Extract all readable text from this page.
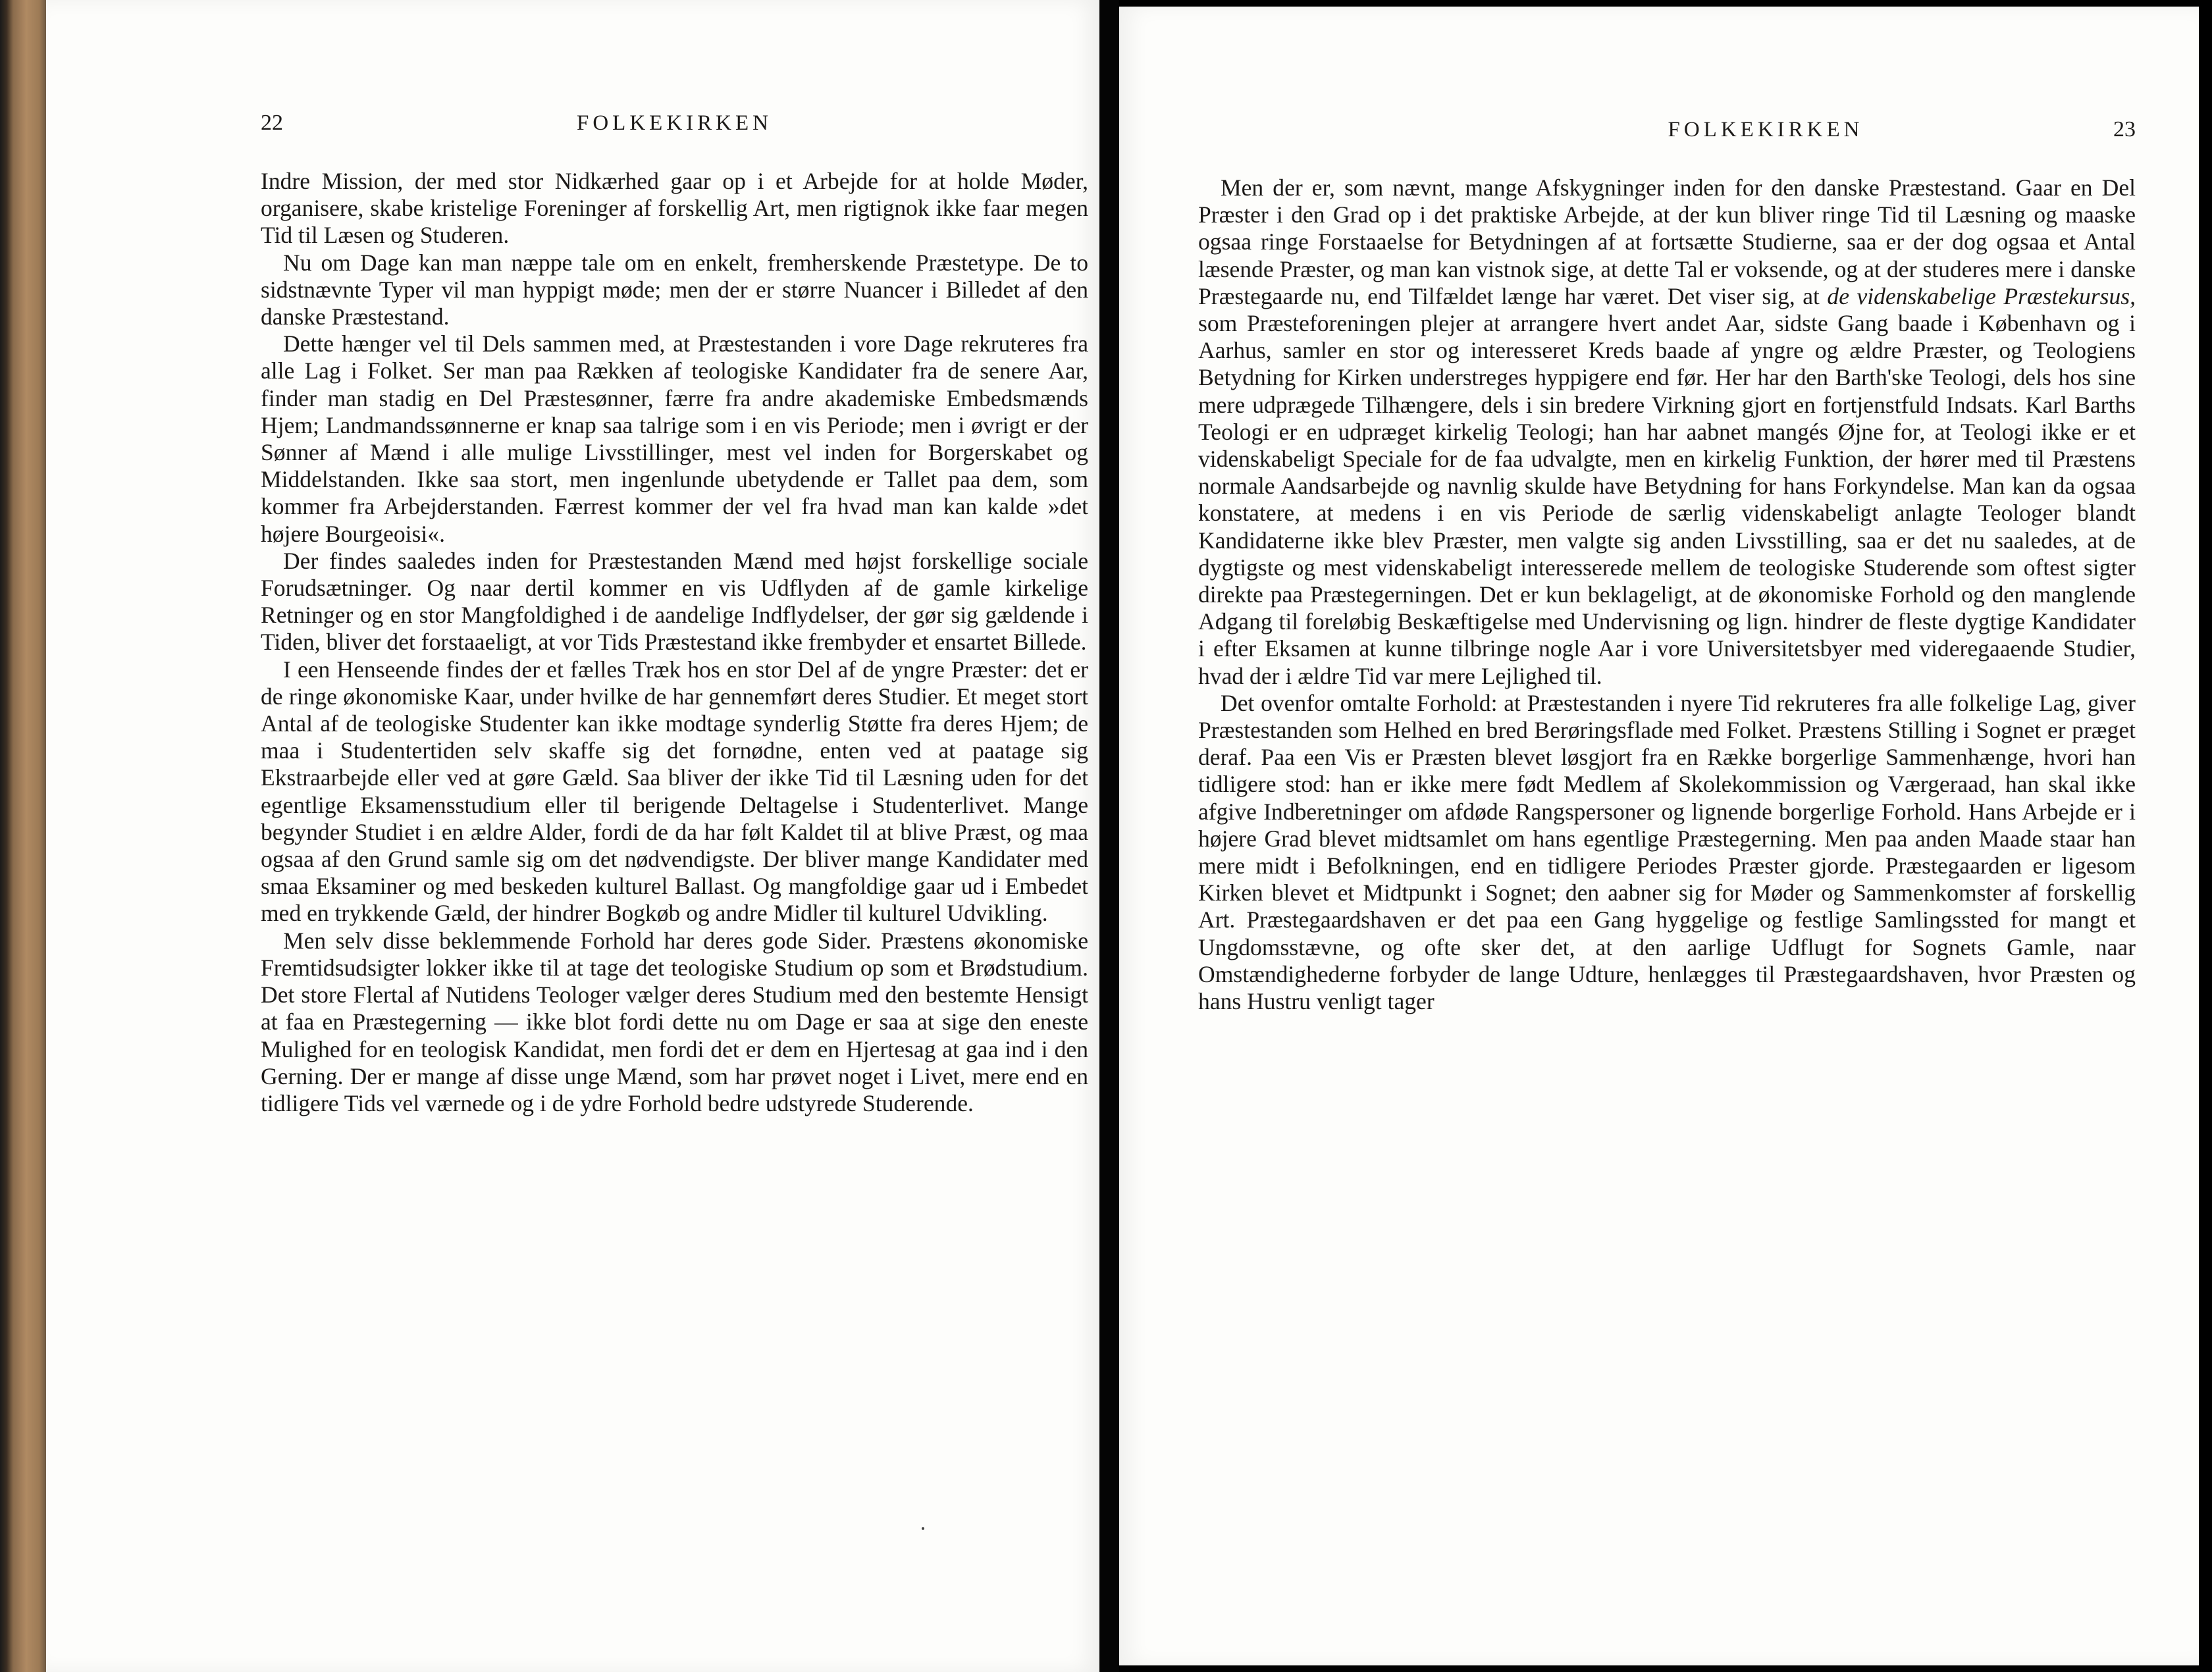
22	FOLKEKIRKEN

Indre Mission, der med stor Nidkærhed gaar op i et Arbejde for at holde Møder, organisere, skabe kristelige Foreninger af forskellig Art, men rigtignok ikke faar megen Tid til Læsen og Studeren.

Nu om Dage kan man næppe tale om en enkelt, fremherskende Præstetype. De to sidstnævnte Typer vil man hyppigt møde; men der er større Nuancer i Billedet af den danske Præstestand.

Dette hænger vel til Dels sammen med, at Præstestanden i vore Dage rekruteres fra alle Lag i Folket. Ser man paa Rækken af teologiske Kandidater fra de senere Aar, finder man stadig en Del Præstesønner, færre fra andre akademiske Embedsmænds Hjem; Landmandssønnerne er knap saa talrige som i en vis Periode; men i øvrigt er der Sønner af Mænd i alle mulige Livsstillinger, mest vel inden for Borgerskabet og Middelstanden. Ikke saa stort, men ingenlunde ubetydende er Tallet paa dem, som kommer fra Arbejderstanden. Færrest kommer der vel fra hvad man kan kalde »det højere Bourgeoisi«.

Der findes saaledes inden for Præstestanden Mænd med højst forskellige sociale Forudsætninger. Og naar dertil kommer en vis Udflyden af de gamle kirkelige Retninger og en stor Mangfoldighed i de aandelige Indflydelser, der gør sig gældende i Tiden, bliver det forstaaeligt, at vor Tids Præstestand ikke frembyder et ensartet Billede.

I een Henseende findes der et fælles Træk hos en stor Del af de yngre Præster: det er de ringe økonomiske Kaar, under hvilke de har gennemført deres Studier. Et meget stort Antal af de teologiske Studenter kan ikke modtage synderlig Støtte fra deres Hjem; de maa i Studentertiden selv skaffe sig det fornødne, enten ved at paatage sig Ekstraarbejde eller ved at gøre Gæld. Saa bliver der ikke Tid til Læsning uden for det egentlige Eksamensstudium eller til berigende Deltagelse i Studenterlivet. Mange begynder Studiet i en ældre Alder, fordi de da har følt Kaldet til at blive Præst, og maa ogsaa af den Grund samle sig om det nødvendigste. Der bliver mange Kandidater med smaa Eksaminer og med beskeden kulturel Ballast. Og mangfoldige gaar ud i Embedet med en trykkende Gæld, der hindrer Bogkøb og andre Midler til kulturel Udvikling.

Men selv disse beklemmende Forhold har deres gode Sider. Præstens økonomiske Fremtidsudsigter lokker ikke til at tage det teologiske Studium op som et Brødstudium. Det store Flertal af Nutidens Teologer vælger deres Studium med den bestemte Hensigt at faa en Præstegerning — ikke blot fordi dette nu om Dage er saa at sige den eneste Mulighed for en teologisk Kandidat, men fordi det er dem en Hjertesag at gaa ind i den Gerning. Der er mange af disse unge Mænd, som har prøvet noget i Livet, mere end en tidligere Tids vel værnede og i de ydre Forhold bedre udstyrede Studerende.

FOLKEKIRKEN	23

Men der er, som nævnt, mange Afskygninger inden for den danske Præstestand. Gaar en Del Præster i den Grad op i det praktiske Arbejde, at der kun bliver ringe Tid til Læsning og maaske ogsaa ringe Forstaaelse for Betydningen af at fortsætte Studierne, saa er der dog ogsaa et Antal læsende Præster, og man kan vistnok sige, at dette Tal er voksende, og at der studeres mere i danske Præstegaarde nu, end Tilfældet længe har været. Det viser sig, at de videnskabelige Præstekursus, som Præsteforeningen plejer at arrangere hvert andet Aar, sidste Gang baade i København og i Aarhus, samler en stor og interesseret Kreds baade af yngre og ældre Præster, og Teologiens Betydning for Kirken understreges hyppigere end før. Her har den Barth'ske Teologi, dels hos sine mere udprægede Tilhængere, dels i sin bredere Virkning gjort en fortjenstfuld Indsats. Karl Barths Teologi er en udpræget kirkelig Teologi; han har aabnet mangés Øjne for, at Teologi ikke er et videnskabeligt Speciale for de faa udvalgte, men en kirkelig Funktion, der hører med til Præstens normale Aandsarbejde og navnlig skulde have Betydning for hans Forkyndelse. Man kan da ogsaa konstatere, at medens i en vis Periode de særlig videnskabeligt anlagte Teologer blandt Kandidaterne ikke blev Præster, men valgte sig anden Livsstilling, saa er det nu saaledes, at de dygtigste og mest videnskabeligt interesserede mellem de teologiske Studerende som oftest sigter direkte paa Præstegerningen. Det er kun beklageligt, at de økonomiske Forhold og den manglende Adgang til foreløbig Beskæftigelse med Undervisning og lign. hindrer de fleste dygtige Kandidater i efter Eksamen at kunne tilbringe nogle Aar i vore Universitetsbyer med videregaaende Studier, hvad der i ældre Tid var mere Lejlighed til.

Det ovenfor omtalte Forhold: at Præstestanden i nyere Tid rekruteres fra alle folkelige Lag, giver Præstestanden som Helhed en bred Berøringsflade med Folket. Præstens Stilling i Sognet er præget deraf. Paa een Vis er Præsten blevet løsgjort fra en Række borgerlige Sammenhænge, hvori han tidligere stod: han er ikke mere født Medlem af Skolekommission og Værgeraad, han skal ikke afgive Indberetninger om afdøde Rangspersoner og lignende borgerlige Forhold. Hans Arbejde er i højere Grad blevet midtsamlet om hans egentlige Præstegerning. Men paa anden Maade staar han mere midt i Befolkningen, end en tidligere Periodes Præster gjorde. Præstegaarden er ligesom Kirken blevet et Midtpunkt i Sognet; den aabner sig for Møder og Sammenkomster af forskellig Art. Præstegaardshaven er det paa een Gang hyggelige og festlige Samlingssted for mangt et Ungdomsstævne, og ofte sker det, at den aarlige Udflugt for Sognets Gamle, naar Omstændighederne forbyder de lange Udture, henlægges til Præstegaardshaven, hvor Præsten og hans Hustru venligt tager
